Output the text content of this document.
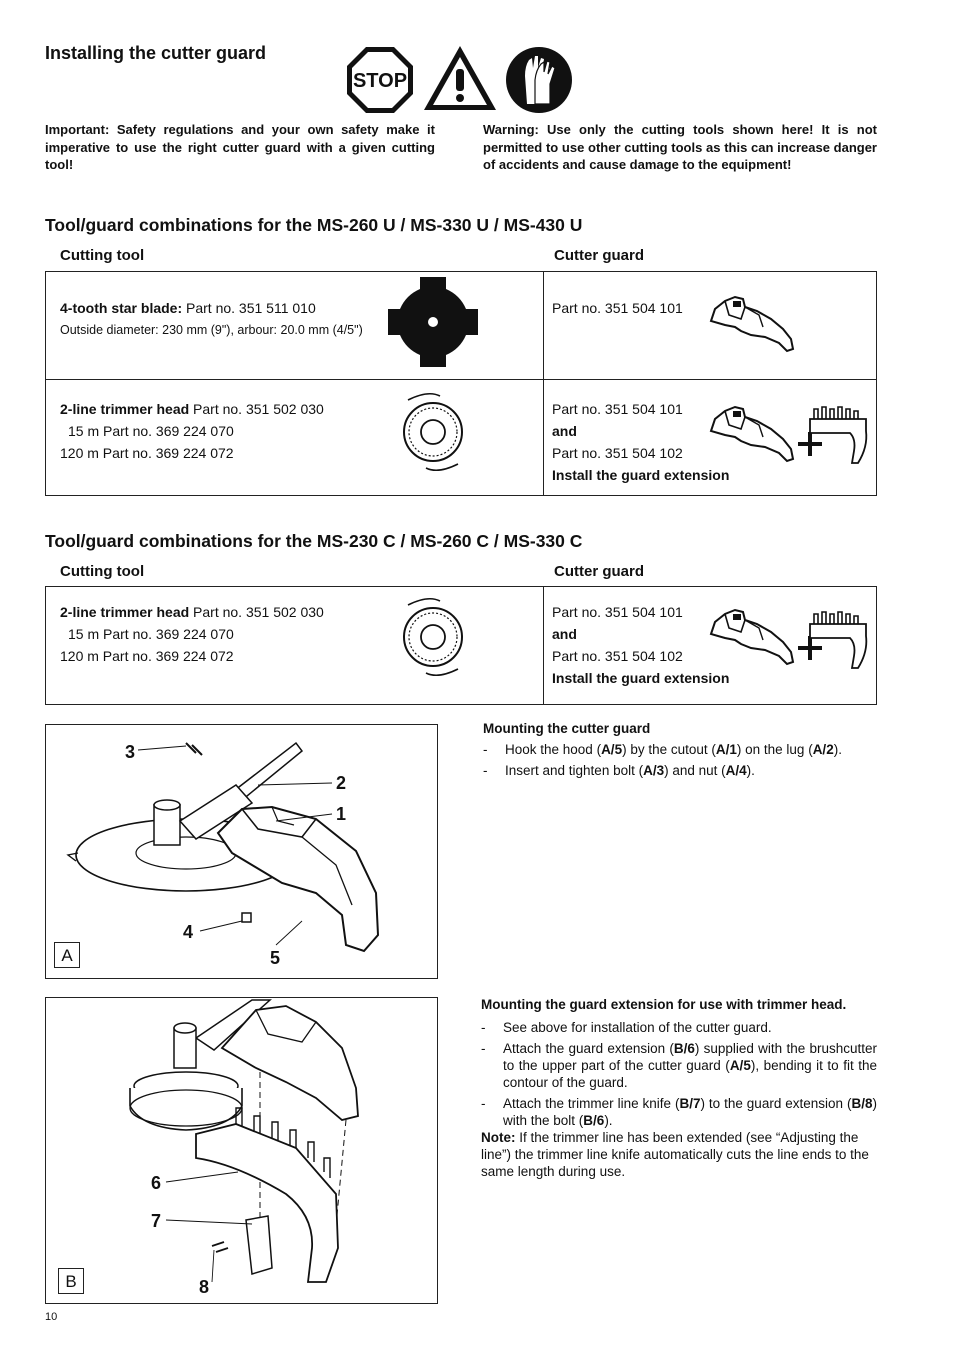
Installing the cutter guard
STOP
Important: Safety regulations and your own safety make it imperative to use the right cutter guard with a given cutting tool!
Warning: Use only the cutting tools shown here! It is not permitted to use other cutting tools as this can increase danger of accidents and cause damage to the equipment!
Tool/guard combinations for the MS-260 U / MS-330 U / MS-430 U
Cutting tool	Cutter guard
4-tooth star blade: Part no. 351 511 010
Outside diameter: 230 mm (9"), arbour: 20.0 mm (4/5")
Part no. 351 504 101
2-line trimmer head Part no. 351 502 030
15 m Part no. 369 224 070
120 m Part no. 369 224 072
Part no. 351 504 101
and
Part no. 351 504 102
Install the guard extension
Tool/guard combinations for the MS-230 C / MS-260 C / MS-330 C
Cutting tool	Cutter guard
2-line trimmer head Part no. 351 502 030
15 m Part no. 369 224 070
120 m Part no. 369 224 072
Part no. 351 504 101
and
Part no. 351 504 102
Install the guard extension
3
2
1
4
5
A
Mounting the cutter guard
- Hook the hood (A/5) by the cutout (A/1) on the lug (A/2).
- Insert and tighten bolt (A/3) and nut (A/4).
6
7
8
B
Mounting the guard extension for use with trimmer head.
- See above for installation of the cutter guard.
- Attach the guard extension (B/6) supplied with the brushcutter to the upper part of the cutter guard (A/5), bending it to fit the contour of the guard.
- Attach the trimmer line knife (B/7) to the guard extension (B/8) with the bolt (B/6).
Note: If the trimmer line has been extended (see “Adjusting the line”) the trimmer line knife automatically cuts the line ends to the same length during use.
10
